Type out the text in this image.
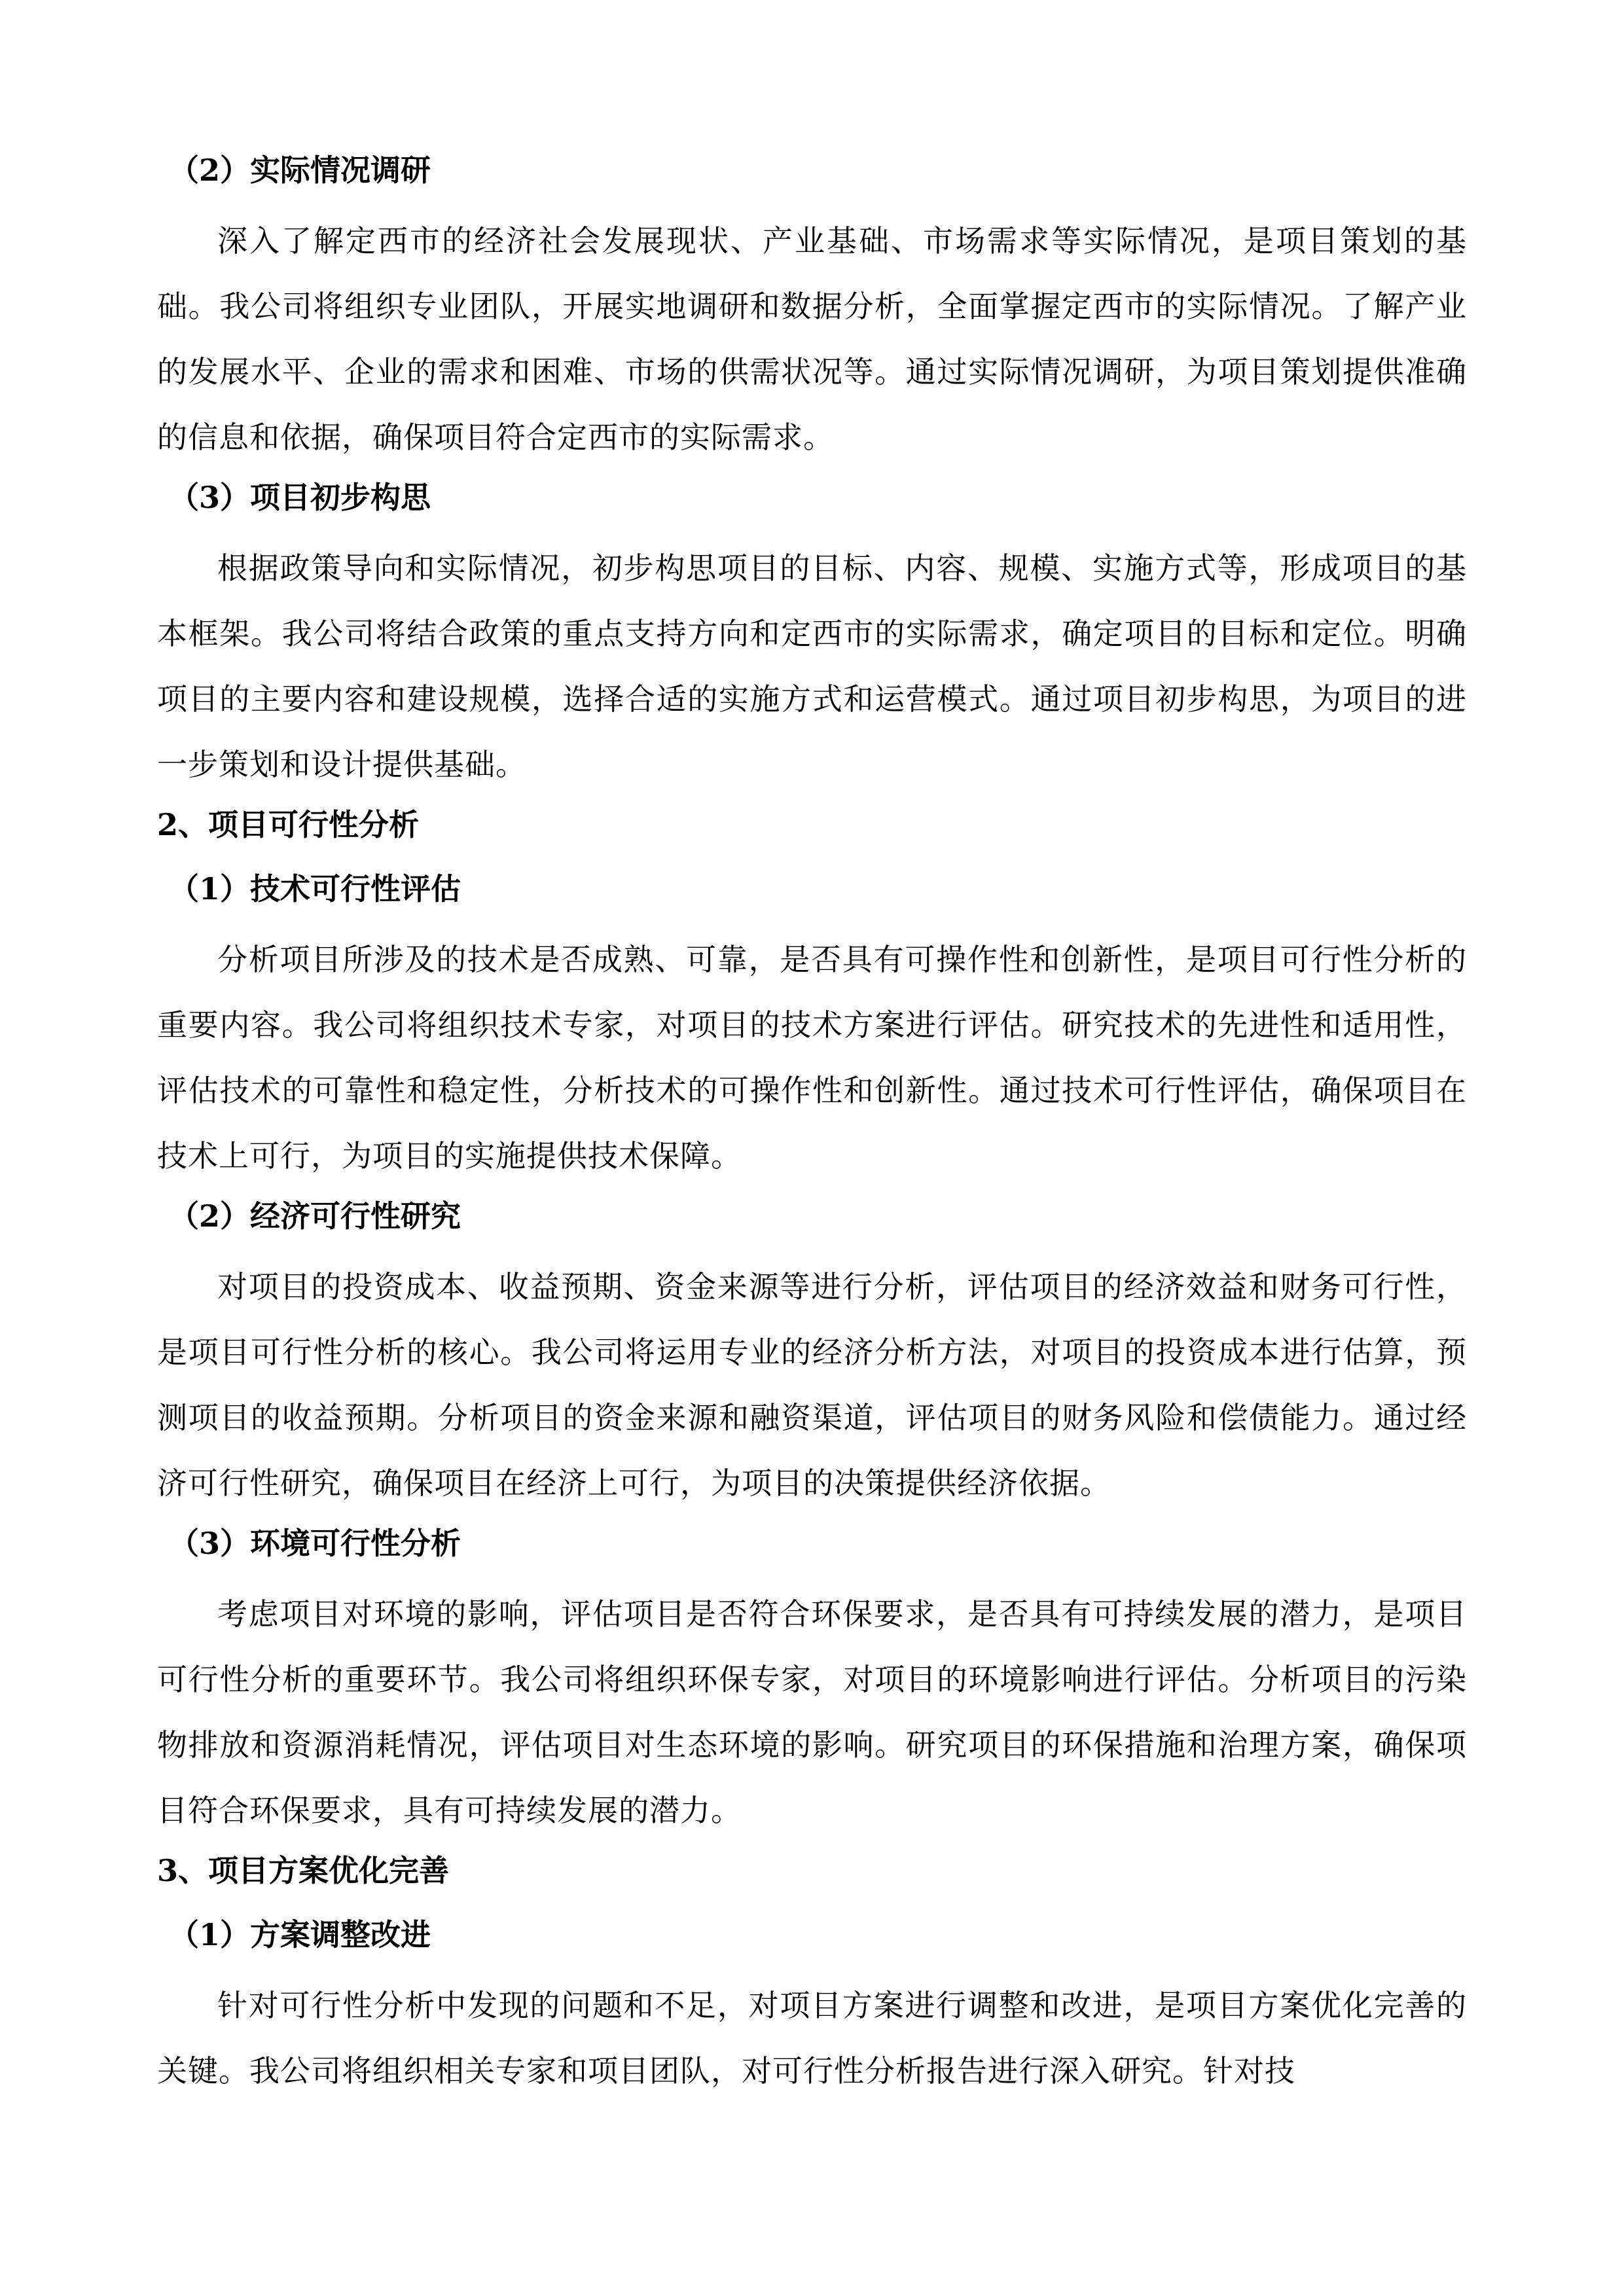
（2）实际情况调研

深入了解定西市的经济社会发展现状、产业基础、市场需求等实际情况，是项目策划的基础。我公司将组织专业团队，开展实地调研和数据分析，全面掌握定西市的实际情况。了解产业的发展水平、企业的需求和困难、市场的供需状况等。通过实际情况调研，为项目策划提供准确的信息和依据，确保项目符合定西市的实际需求。

（3）项目初步构思

根据政策导向和实际情况，初步构思项目的目标、内容、规模、实施方式等，形成项目的基本框架。我公司将结合政策的重点支持方向和定西市的实际需求，确定项目的目标和定位。明确项目的主要内容和建设规模，选择合适的实施方式和运营模式。通过项目初步构思，为项目的进一步策划和设计提供基础。

2、项目可行性分析
（1）技术可行性评估

分析项目所涉及的技术是否成熟、可靠，是否具有可操作性和创新性，是项目可行性分析的重要内容。我公司将组织技术专家，对项目的技术方案进行评估。研究技术的先进性和适用性，评估技术的可靠性和稳定性，分析技术的可操作性和创新性。通过技术可行性评估，确保项目在技术上可行，为项目的实施提供技术保障。

（2）经济可行性研究

对项目的投资成本、收益预期、资金来源等进行分析，评估项目的经济效益和财务可行性，是项目可行性分析的核心。我公司将运用专业的经济分析方法，对项目的投资成本进行估算，预测项目的收益预期。分析项目的资金来源和融资渠道，评估项目的财务风险和偿债能力。通过经济可行性研究，确保项目在经济上可行，为项目的决策提供经济依据。

（3）环境可行性分析

考虑项目对环境的影响，评估项目是否符合环保要求，是否具有可持续发展的潜力，是项目可行性分析的重要环节。我公司将组织环保专家，对项目的环境影响进行评估。分析项目的污染物排放和资源消耗情况，评估项目对生态环境的影响。研究项目的环保措施和治理方案，确保项目符合环保要求，具有可持续发展的潜力。

3、项目方案优化完善
（1）方案调整改进

针对可行性分析中发现的问题和不足，对项目方案进行调整和改进，是项目方案优化完善的关键。我公司将组织相关专家和项目团队，对可行性分析报告进行深入研究。针对技
